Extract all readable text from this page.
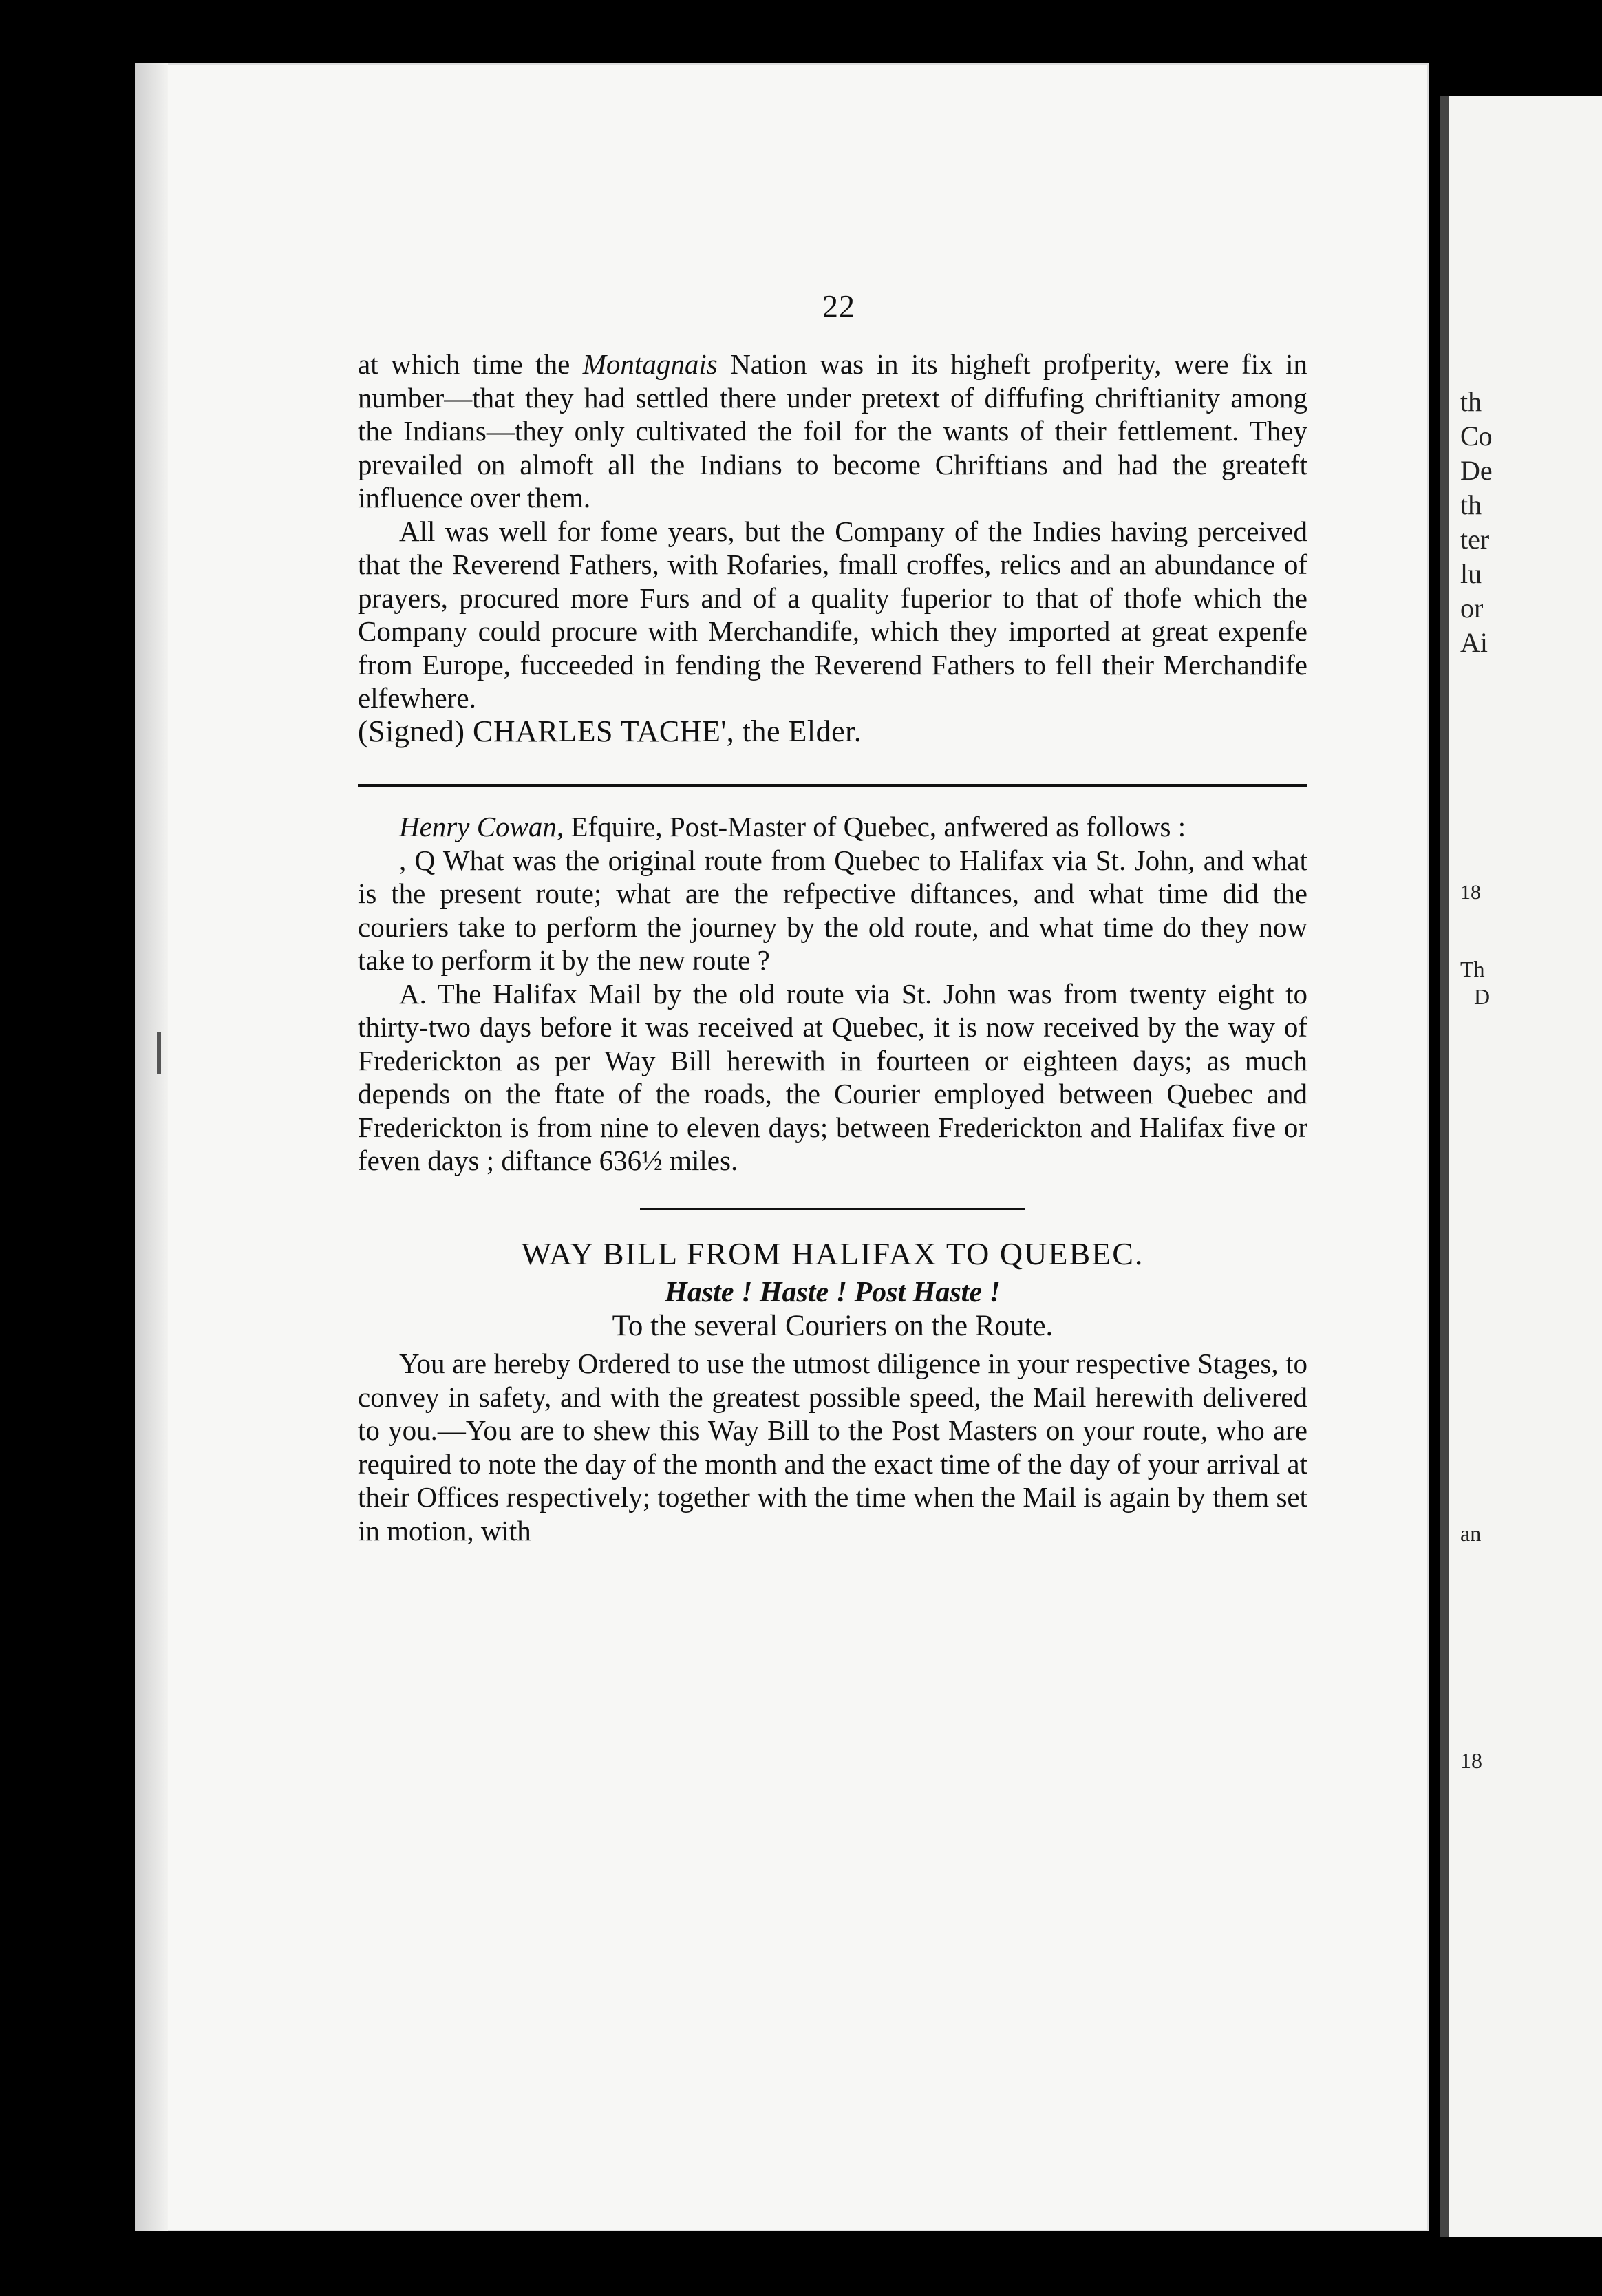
th
Co
De
th
ter
lu
or
Ai
18
Th
D
an
18
22

at which time the Montagnais Nation was in its higheft profperity, were fix in number—that they had settled there under pretext of diffufing chriftianity among the Indians—they only cultivated the foil for the wants of their fettlement. They prevailed on almoft all the Indians to become Chriftians and had the greateft influence over them.

All was well for fome years, but the Company of the Indies having perceived that the Reverend Fathers, with Rofaries, fmall croffes, relics and an abundance of prayers, procured more Furs and of a quality fuperior to that of thofe which the Company could procure with Merchandife, which they imported at great expenfe from Europe, fucceeded in fending the Reverend Fathers to fell their Merchandife elfewhere.

(Signed) CHARLES TACHE', the Elder.

Henry Cowan, Efquire, Post-Master of Quebec, anfwered as follows :

, Q What was the original route from Quebec to Halifax via St. John, and what is the present route; what are the refpective diftances, and what time did the couriers take to perform the journey by the old route, and what time do they now take to perform it by the new route ?

A. The Halifax Mail by the old route via St. John was from twenty eight to thirty-two days before it was received at Quebec, it is now received by the way of Frederickton as per Way Bill herewith in fourteen or eighteen days; as much depends on the ftate of the roads, the Courier employed between Quebec and Frederickton is from nine to eleven days; between Frederickton and Halifax five or feven days ; diftance 636½ miles.

WAY BILL FROM HALIFAX TO QUEBEC.
Haste ! Haste ! Post Haste !
To the several Couriers on the Route.

You are hereby Ordered to use the utmost diligence in your respective Stages, to convey in safety, and with the greatest possible speed, the Mail herewith delivered to you.—You are to shew this Way Bill to the Post Masters on your route, who are required to note the day of the month and the exact time of the day of your arrival at their Offices respectively; together with the time when the Mail is again by them set in motion, with
